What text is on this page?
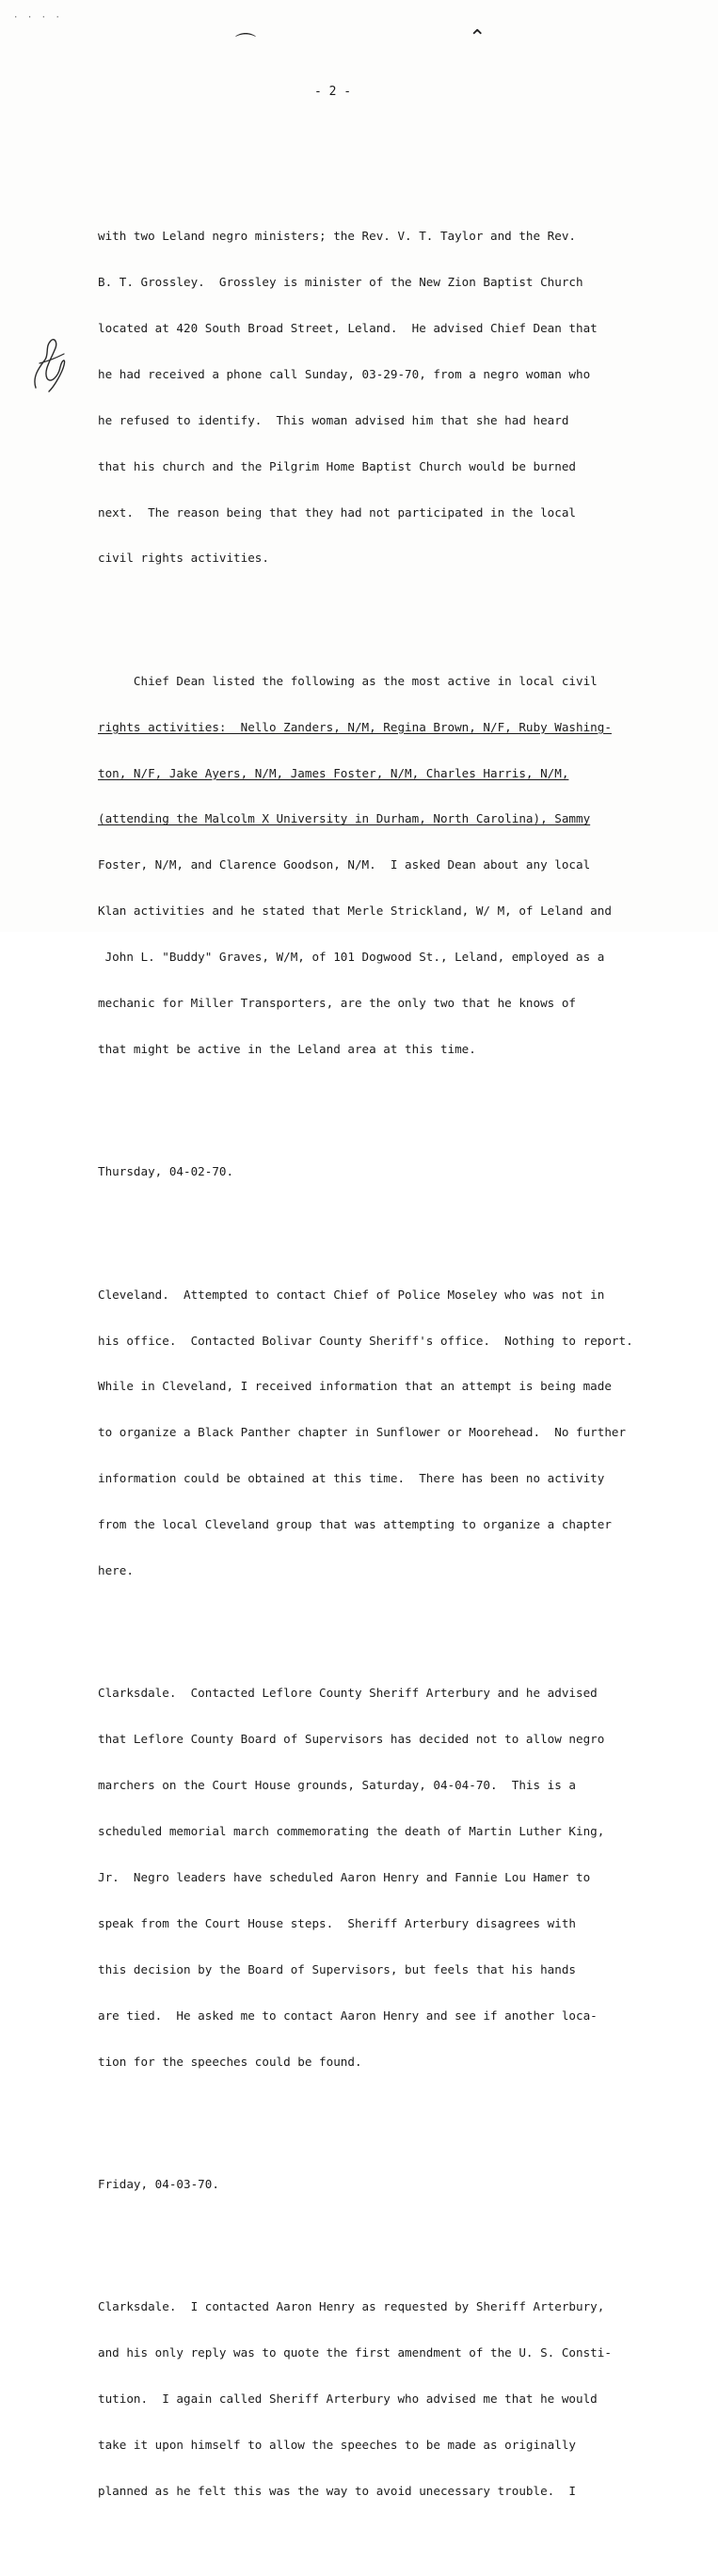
· · · ·
⌒	⌃
- 2 -

with two Leland negro ministers; the Rev. V. T. Taylor and the Rev.

B. T. Grossley.  Grossley is minister of the New Zion Baptist Church

located at 420 South Broad Street, Leland.  He advised Chief Dean that

he had received a phone call Sunday, 03-29-70, from a negro woman who

he refused to identify.  This woman advised him that she had heard

that his church and the Pilgrim Home Baptist Church would be burned

next.  The reason being that they had not participated in the local

civil rights activities.

Chief Dean listed the following as the most active in local civil

rights activities:  Nello Zanders, N/M, Regina Brown, N/F, Ruby Washing-

ton, N/F, Jake Ayers, N/M, James Foster, N/M, Charles Harris, N/M,

(attending the Malcolm X University in Durham, North Carolina), Sammy

Foster, N/M, and Clarence Goodson, N/M.  I asked Dean about any local

Klan activities and he stated that Merle Strickland, W/ M, of Leland and

John L. "Buddy" Graves, W/M, of 101 Dogwood St., Leland, employed as a

mechanic for Miller Transporters, are the only two that he knows of

that might be active in the Leland area at this time.

Thursday, 04-02-70.

Cleveland.  Attempted to contact Chief of Police Moseley who was not in

his office.  Contacted Bolivar County Sheriff's office.  Nothing to report.

While in Cleveland, I received information that an attempt is being made

to organize a Black Panther chapter in Sunflower or Moorehead.  No further

information could be obtained at this time.  There has been no activity

from the local Cleveland group that was attempting to organize a chapter

here.

Clarksdale.  Contacted Leflore County Sheriff Arterbury and he advised

that Leflore County Board of Supervisors has decided not to allow negro

marchers on the Court House grounds, Saturday, 04-04-70.  This is a

scheduled memorial march commemorating the death of Martin Luther King,

Jr.  Negro leaders have scheduled Aaron Henry and Fannie Lou Hamer to

speak from the Court House steps.  Sheriff Arterbury disagrees with

this decision by the Board of Supervisors, but feels that his hands

are tied.  He asked me to contact Aaron Henry and see if another loca-

tion for the speeches could be found.

Friday, 04-03-70.

Clarksdale.  I contacted Aaron Henry as requested by Sheriff Arterbury,

and his only reply was to quote the first amendment of the U. S. Consti-

tution.  I again called Sheriff Arterbury who advised me that he would

take it upon himself to allow the speeches to be made as originally

planned as he felt this was the way to avoid unecessary trouble.  I
